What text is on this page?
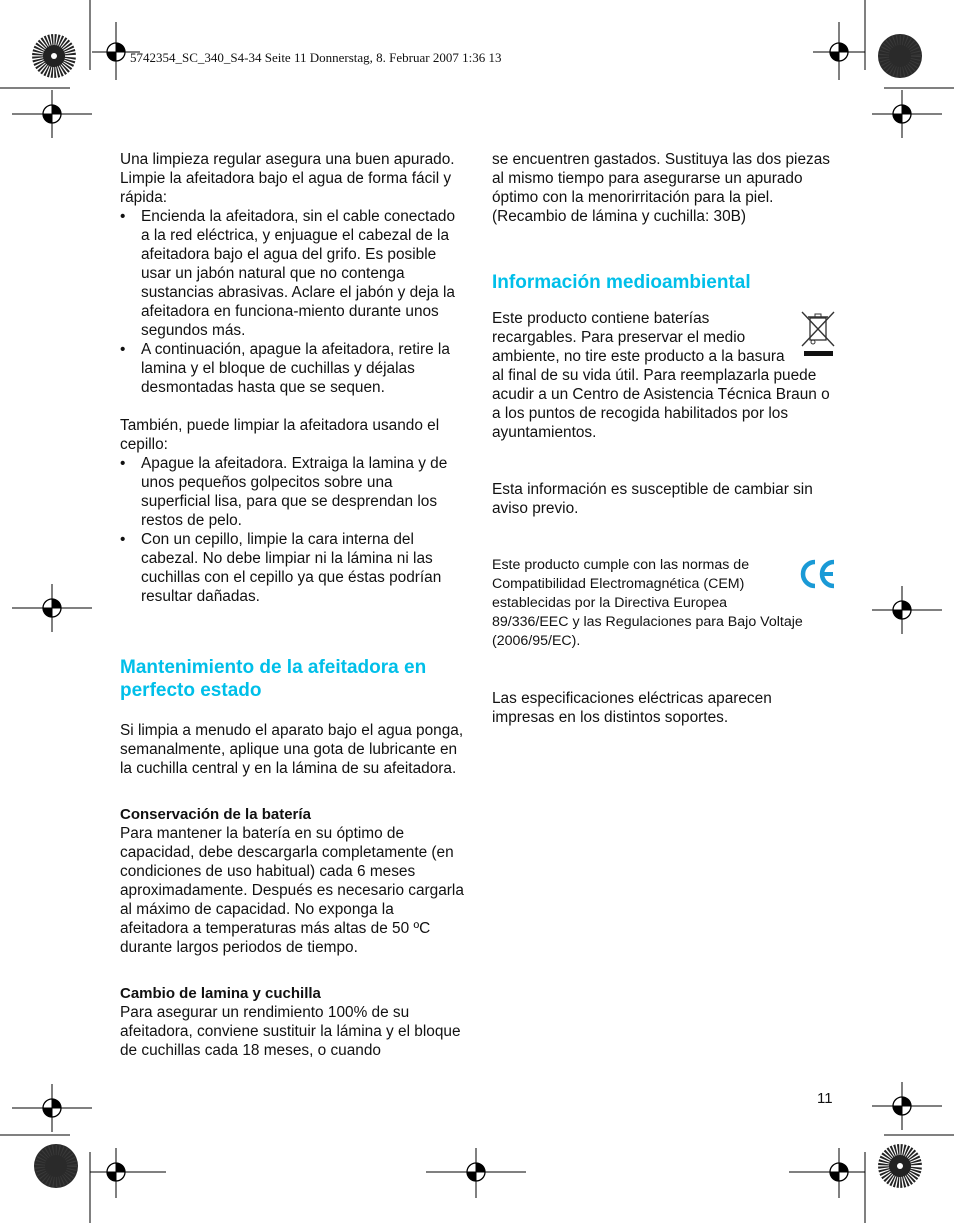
5742354_SC_340_S4-34 Seite 11 Donnerstag, 8. Februar 2007 1:36 13

Una limpieza regular asegura una buen apurado. Limpie la afeitadora bajo el agua de forma fácil y rápida:

• Encienda la afeitadora, sin el cable conectado a la red eléctrica, y enjuague el cabezal de la afeitadora bajo el agua del grifo. Es posible usar un jabón natural que no contenga sustancias abrasivas. Aclare el jabón y deja la afeitadora en funciona-miento durante unos segundos más.
• A continuación, apague la afeitadora, retire la lamina y el bloque de cuchillas y déjalas desmontadas hasta que se sequen.

También, puede limpiar la afeitadora usando el cepillo:

• Apague la afeitadora. Extraiga la lamina y de unos pequeños golpecitos sobre una superficial lisa, para que se desprendan los restos de pelo.
• Con un cepillo, limpie la cara interna del cabezal. No debe limpiar ni la lámina ni las cuchillas con el cepillo ya que éstas podrían resultar dañadas.
Mantenimiento de la afeitadora en perfecto estado

Si limpia a menudo el aparato bajo el agua ponga, semanalmente, aplique una gota de lubricante en la cuchilla central y en la lámina de su afeitadora.

Conservación de la batería

Para mantener la batería en su óptimo de capacidad, debe descargarla completamente (en condiciones de uso habitual) cada 6 meses aproximadamente. Después es necesario cargarla al máximo de capacidad. No exponga la afeitadora a temperaturas más altas de 50 ºC durante largos periodos de tiempo.

Cambio de lamina y cuchilla

Para asegurar un rendimiento 100% de su afeitadora, conviene sustituir la lámina y el bloque de cuchillas cada 18 meses, o cuando

se encuentren gastados. Sustituya las dos piezas al mismo tiempo para asegurarse un apurado óptimo con la menorirritación para la piel.

(Recambio de lámina y cuchilla: 30B)

Información medioambiental

Este producto contiene baterías recargables. Para preservar el medio ambiente, no tire este producto a la basura al final de su vida útil. Para reemplazarla puede acudir a un Centro de Asistencia Técnica Braun o a los puntos de recogida habilitados por los ayuntamientos.

Esta información es susceptible de cambiar sin aviso previo.

Este producto cumple con las normas de Compatibilidad Electromagnética (CEM) establecidas por la Directiva Europea 89/336/EEC y las Regulaciones para Bajo Voltaje (2006/95/EC).

Las especificaciones eléctricas aparecen impresas en los distintos soportes.

11
